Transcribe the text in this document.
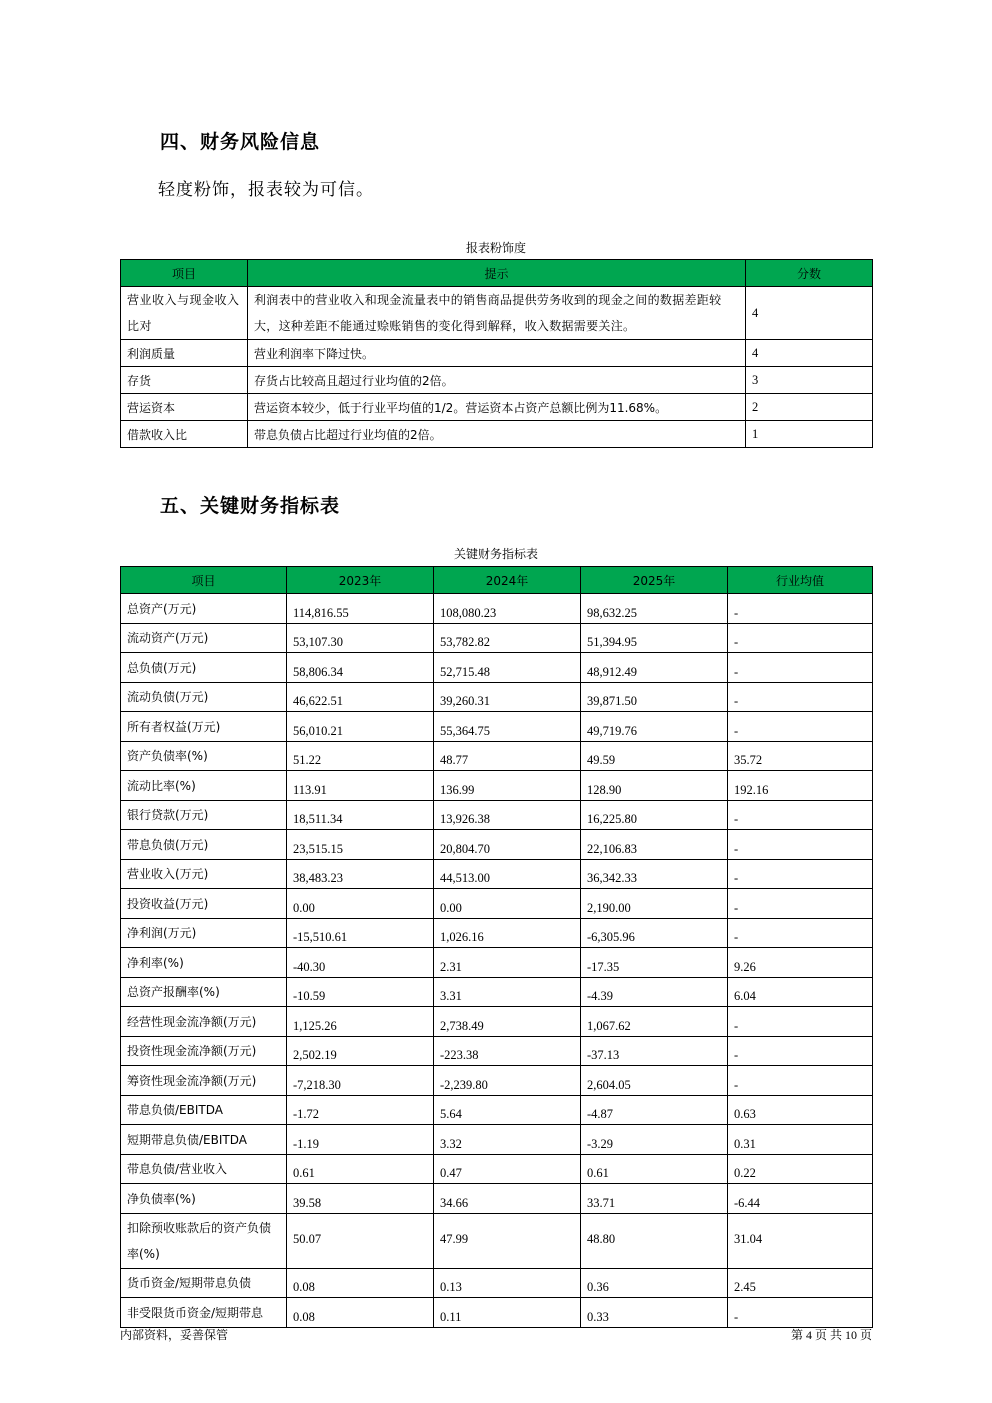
四、财务风险信息
轻度粉饰，报表较为可信。
报表粉饰度
项目	提示	分数
营业收入与现金收入比对	利润表中的营业收入和现金流量表中的销售商品提供劳务收到的现金之间的数据差距较大，这种差距不能通过赊账销售的变化得到解释，收入数据需要关注。	4
利润质量	营业利润率下降过快。	4
存货	存货占比较高且超过行业均值的2倍。	3
营运资本	营运资本较少，低于行业平均值的1/2。营运资本占资产总额比例为11.68%。	2
借款收入比	带息负债占比超过行业均值的2倍。	1
五、关键财务指标表
关键财务指标表
项目	2023年	2024年	2025年	行业均值
总资产(万元)	114,816.55	108,080.23	98,632.25	-
流动资产(万元)	53,107.30	53,782.82	51,394.95	-
总负债(万元)	58,806.34	52,715.48	48,912.49	-
流动负债(万元)	46,622.51	39,260.31	39,871.50	-
所有者权益(万元)	56,010.21	55,364.75	49,719.76	-
资产负债率(%)	51.22	48.77	49.59	35.72
流动比率(%)	113.91	136.99	128.90	192.16
银行贷款(万元)	18,511.34	13,926.38	16,225.80	-
带息负债(万元)	23,515.15	20,804.70	22,106.83	-
营业收入(万元)	38,483.23	44,513.00	36,342.33	-
投资收益(万元)	0.00	0.00	2,190.00	-
净利润(万元)	-15,510.61	1,026.16	-6,305.96	-
净利率(%)	-40.30	2.31	-17.35	9.26
总资产报酬率(%)	-10.59	3.31	-4.39	6.04
经营性现金流净额(万元)	1,125.26	2,738.49	1,067.62	-
投资性现金流净额(万元)	2,502.19	-223.38	-37.13	-
筹资性现金流净额(万元)	-7,218.30	-2,239.80	2,604.05	-
带息负债/EBITDA	-1.72	5.64	-4.87	0.63
短期带息负债/EBITDA	-1.19	3.32	-3.29	0.31
带息负债/营业收入	0.61	0.47	0.61	0.22
净负债率(%)	39.58	34.66	33.71	-6.44
扣除预收账款后的资产负债率(%)	50.07	47.99	48.80	31.04
货币资金/短期带息负债	0.08	0.13	0.36	2.45
非受限货币资金/短期带息	0.08	0.11	0.33	-
内部资料，妥善保管	第 4 页 共 10 页
